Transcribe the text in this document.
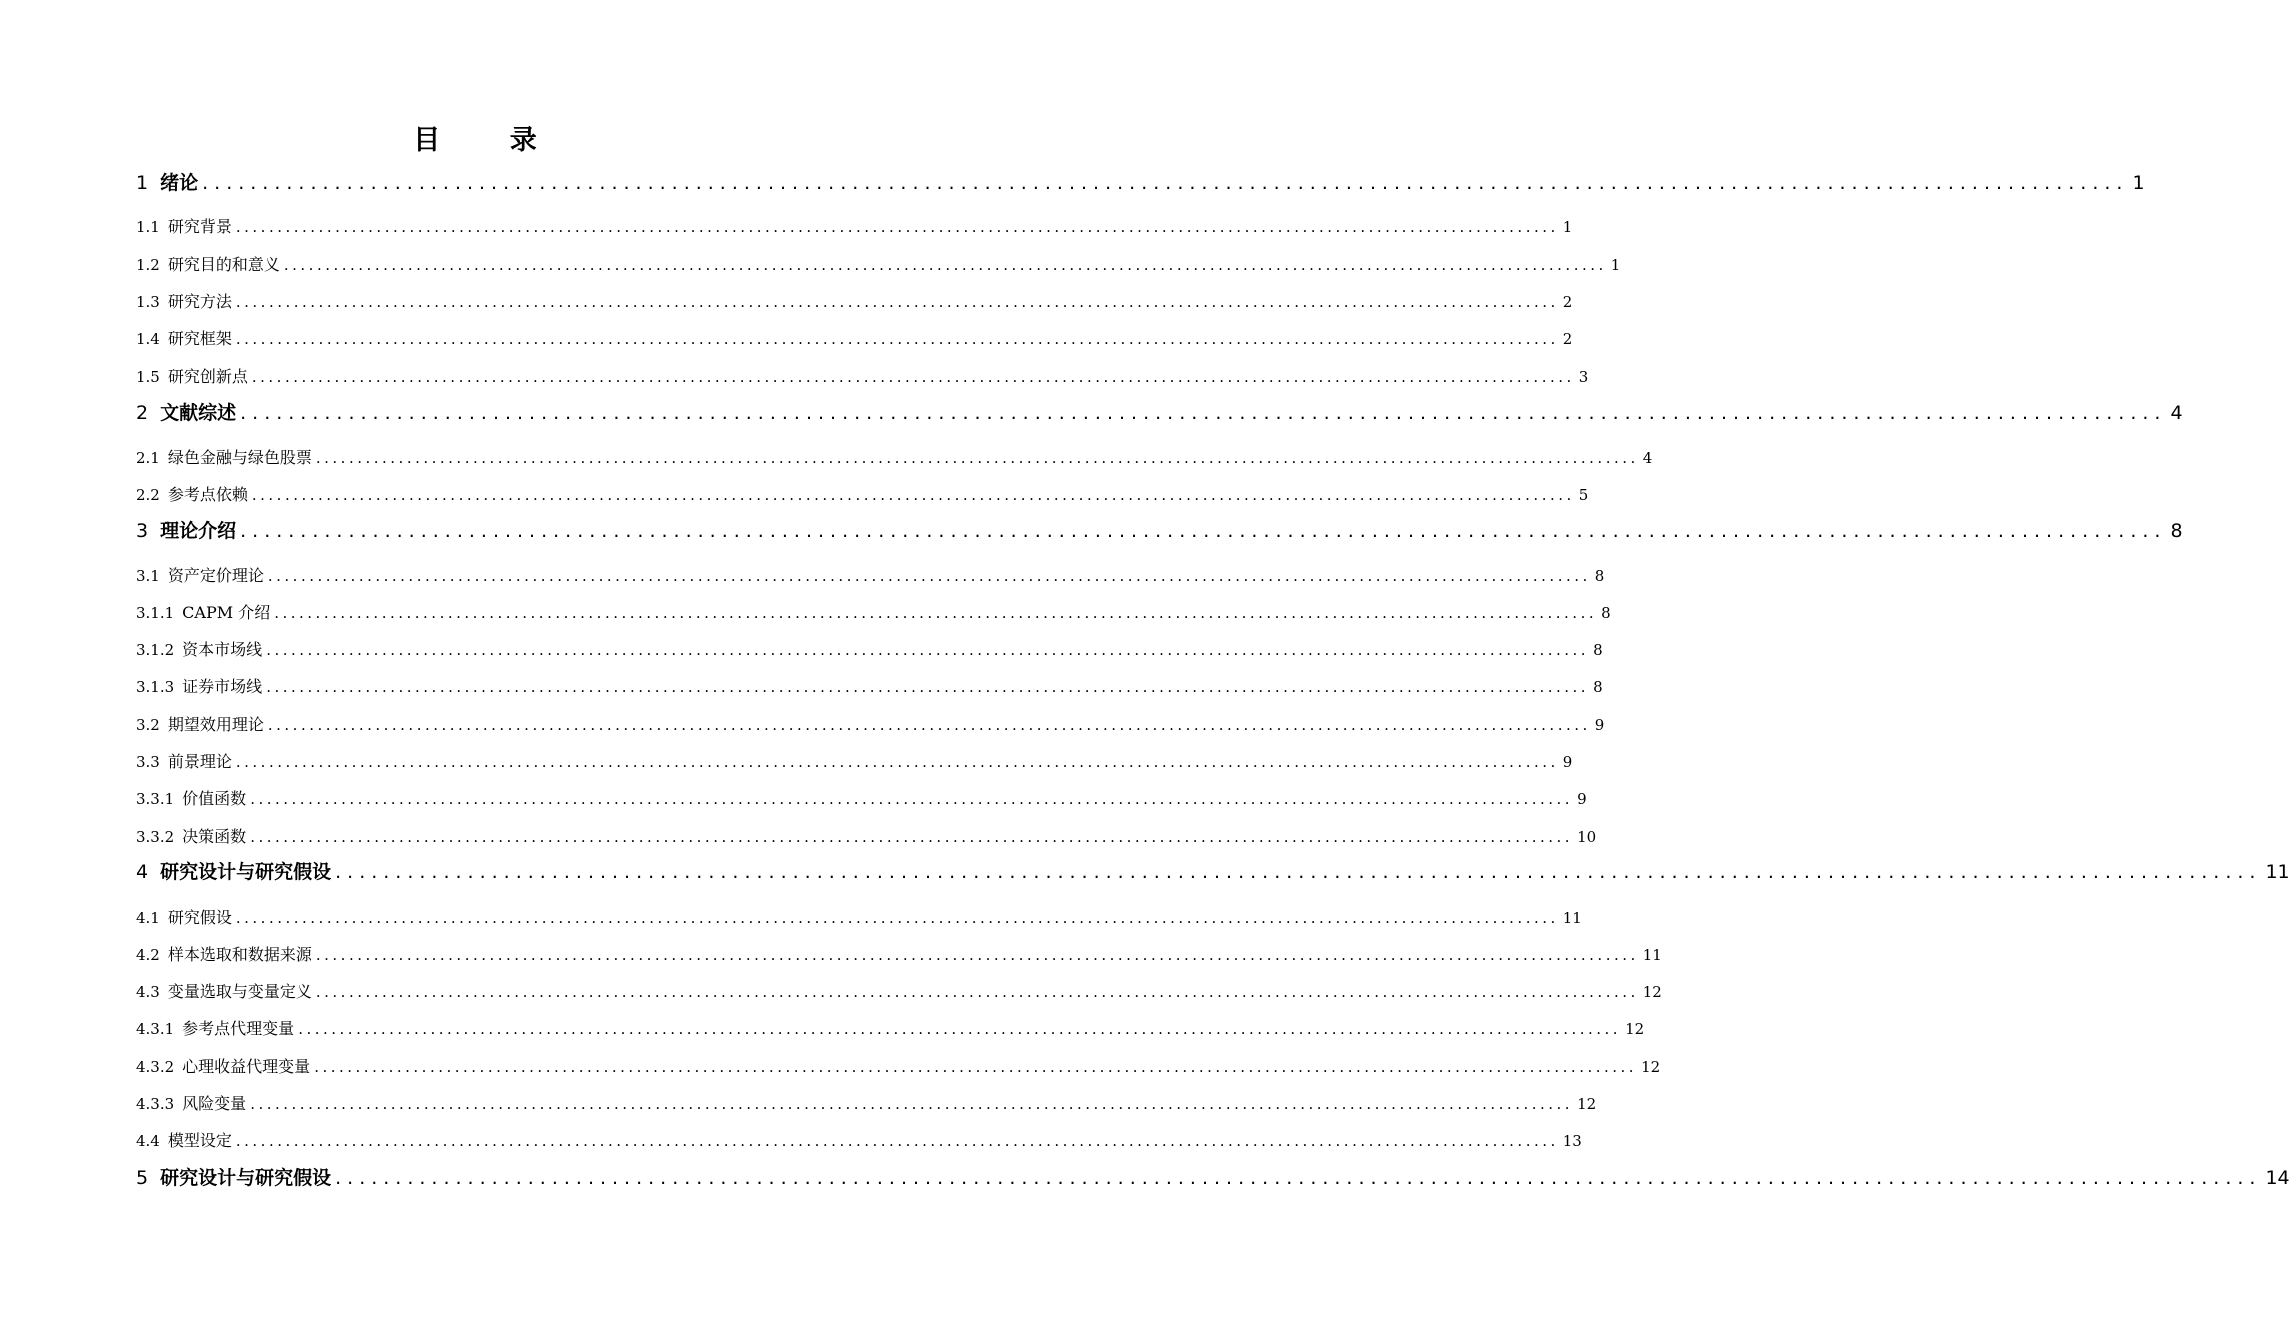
目 录
1 绪论 ................................................................................................................................................................ 1
1.1 研究背景 ................................................................................................................................................................ 1
1.2 研究目的和意义 ................................................................................................................................................................ 1
1.3 研究方法 ................................................................................................................................................................ 2
1.4 研究框架 ................................................................................................................................................................ 2
1.5 研究创新点 ................................................................................................................................................................ 3
2 文献综述 ................................................................................................................................................................ 4
2.1 绿色金融与绿色股票 ................................................................................................................................................................ 4
2.2 参考点依赖 ................................................................................................................................................................ 5
3 理论介绍 ................................................................................................................................................................ 8
3.1 资产定价理论 ................................................................................................................................................................ 8
3.1.1 CAPM 介绍 ................................................................................................................................................................ 8
3.1.2 资本市场线 ................................................................................................................................................................ 8
3.1.3 证券市场线 ................................................................................................................................................................ 8
3.2 期望效用理论 ................................................................................................................................................................ 9
3.3 前景理论 ................................................................................................................................................................ 9
3.3.1 价值函数 ................................................................................................................................................................ 9
3.3.2 决策函数 ................................................................................................................................................................ 10
4 研究设计与研究假设 ................................................................................................................................................................ 11
4.1 研究假设 ................................................................................................................................................................ 11
4.2 样本选取和数据来源 ................................................................................................................................................................ 11
4.3 变量选取与变量定义 ................................................................................................................................................................ 12
4.3.1 参考点代理变量 ................................................................................................................................................................ 12
4.3.2 心理收益代理变量 ................................................................................................................................................................ 12
4.3.3 风险变量 ................................................................................................................................................................ 12
4.4 模型设定 ................................................................................................................................................................ 13
5 研究设计与研究假设 ................................................................................................................................................................ 14
